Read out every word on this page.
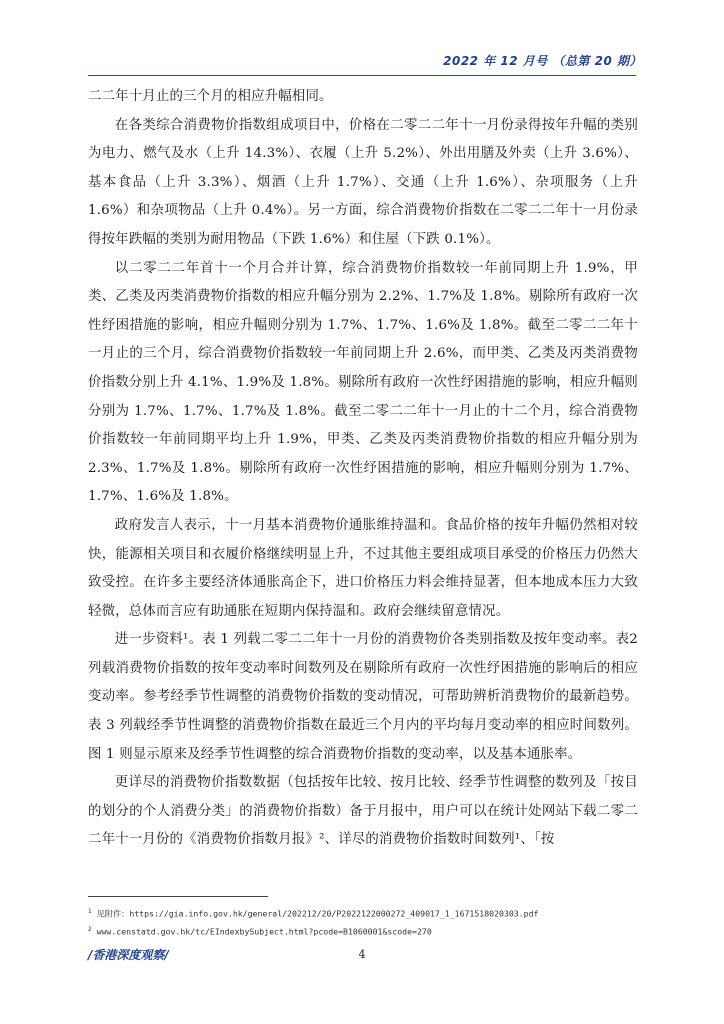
2022 年 12 月号 （总第 20 期）

二二年十月止的三个月的相应升幅相同。

在各类综合消费物价指数组成项目中，价格在二零二二年十一月份录得按年升幅的类别为电力、燃气及水（上升 14.3%）、衣履（上升 5.2%）、外出用膳及外卖（上升 3.6%）、基本食品（上升 3.3%）、烟酒（上升 1.7%）、交通（上升 1.6%）、杂项服务（上升 1.6%）和杂项物品（上升 0.4%）。另一方面，综合消费物价指数在二零二二年十一月份录得按年跌幅的类别为耐用物品（下跌 1.6%）和住屋（下跌 0.1%）。

以二零二二年首十一个月合并计算，综合消费物价指数较一年前同期上升 1.9%，甲类、乙类及丙类消费物价指数的相应升幅分别为 2.2%、1.7%及 1.8%。剔除所有政府一次性纾困措施的影响，相应升幅则分别为 1.7%、1.7%、1.6%及 1.8%。截至二零二二年十一月止的三个月，综合消费物价指数较一年前同期上升 2.6%，而甲类、乙类及丙类消费物价指数分别上升 4.1%、1.9%及 1.8%。剔除所有政府一次性纾困措施的影响，相应升幅则分别为 1.7%、1.7%、1.7%及 1.8%。截至二零二二年十一月止的十二个月，综合消费物价指数较一年前同期平均上升 1.9%，甲类、乙类及丙类消费物价指数的相应升幅分别为 2.3%、1.7%及 1.8%。剔除所有政府一次性纾困措施的影响，相应升幅则分别为 1.7%、1.7%、1.6%及 1.8%。

政府发言人表示，十一月基本消费物价通胀维持温和。食品价格的按年升幅仍然相对较快，能源相关项目和衣履价格继续明显上升，不过其他主要组成项目承受的价格压力仍然大致受控。在许多主要经济体通胀高企下，进口价格压力料会维持显著，但本地成本压力大致轻微，总体而言应有助通胀在短期内保持温和。政府会继续留意情况。

进一步资料¹。表 1 列载二零二二年十一月份的消费物价各类别指数及按年变动率。表2列载消费物价指数的按年变动率时间数列及在剔除所有政府一次性纾困措施的影响后的相应变动率。参考经季节性调整的消费物价指数的变动情况，可帮助辨析消费物价的最新趋势。表 3 列载经季节性调整的消费物价指数在最近三个月内的平均每月变动率的相应时间数列。图 1 则显示原来及经季节性调整的综合消费物价指数的变动率，以及基本通胀率。

更详尽的消费物价指数数据（包括按年比较、按月比较、经季节性调整的数列及「按目的划分的个人消费分类」的消费物价指数）备于月报中，用户可以在统计处网站下载二零二二年十一月份的《消费物价指数月报》²、详尽的消费物价指数时间数列¹、「按

$^1$ 见附件：https://gia.info.gov.hk/general/202212/20/P2022122000272_409017_1_1671518020303.pdf
$^2$ www.censtatd.gov.hk/tc/EIndexbySubject.html?pcode=B1060001&scode=270
/香港深度观察/	4
